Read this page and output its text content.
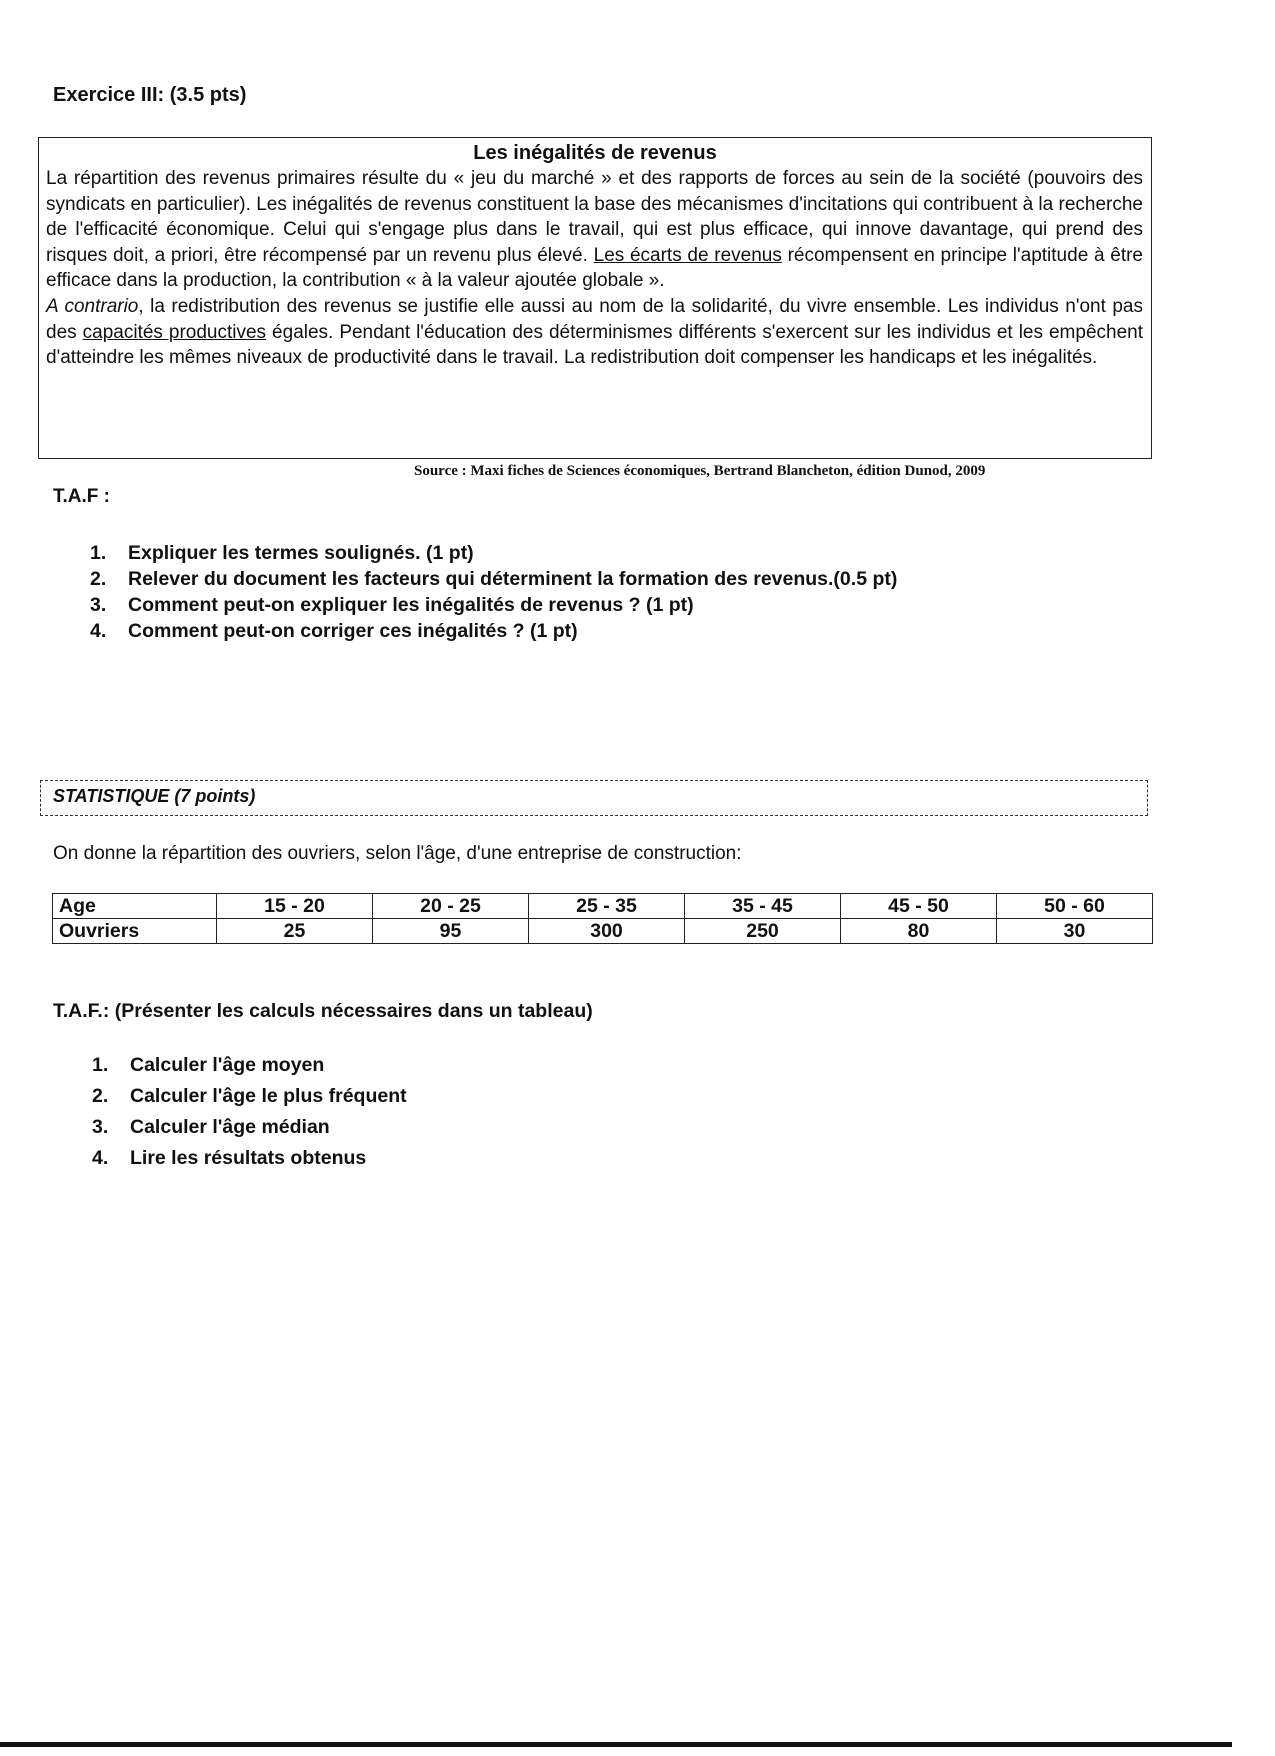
Exercice III: (3.5 pts)
Les inégalités de revenus

La répartition des revenus primaires résulte du « jeu du marché » et des rapports de forces au sein de la société (pouvoirs des syndicats en particulier). Les inégalités de revenus constituent la base des mécanismes d'incitations qui contribuent à la recherche de l'efficacité économique. Celui qui s'engage plus dans le travail, qui est plus efficace, qui innove davantage, qui prend des risques doit, a priori, être récompensé par un revenu plus élevé. Les écarts de revenus récompensent en principe l'aptitude à être efficace dans la production, la contribution « à la valeur ajoutée globale ».

A contrario, la redistribution des revenus se justifie elle aussi au nom de la solidarité, du vivre ensemble. Les individus n'ont pas des capacités productives égales. Pendant l'éducation des déterminismes différents s'exercent sur les individus et les empêchent d'atteindre les mêmes niveaux de productivité dans le travail. La redistribution doit compenser les handicaps et les inégalités.

Source : Maxi fiches de Sciences économiques, Bertrand Blancheton, édition Dunod, 2009
T.A.F :
1. Expliquer les termes soulignés. (1 pt)
2. Relever du document les facteurs qui déterminent la formation des revenus.(0.5 pt)
3. Comment peut-on expliquer les inégalités de revenus ? (1 pt)
4. Comment peut-on corriger ces inégalités ? (1 pt)
STATISTIQUE (7 points)
On donne la répartition des ouvriers, selon l'âge, d'une entreprise de construction:
Age	15 - 20	20 - 25	25 - 35	35 - 45	45 - 50	50 - 60
Ouvriers	25	95	300	250	80	30
T.A.F.: (Présenter les calculs nécessaires dans un tableau)
1. Calculer l'âge moyen
2. Calculer l'âge le plus fréquent
3. Calculer l'âge médian
4. Lire les résultats obtenus
